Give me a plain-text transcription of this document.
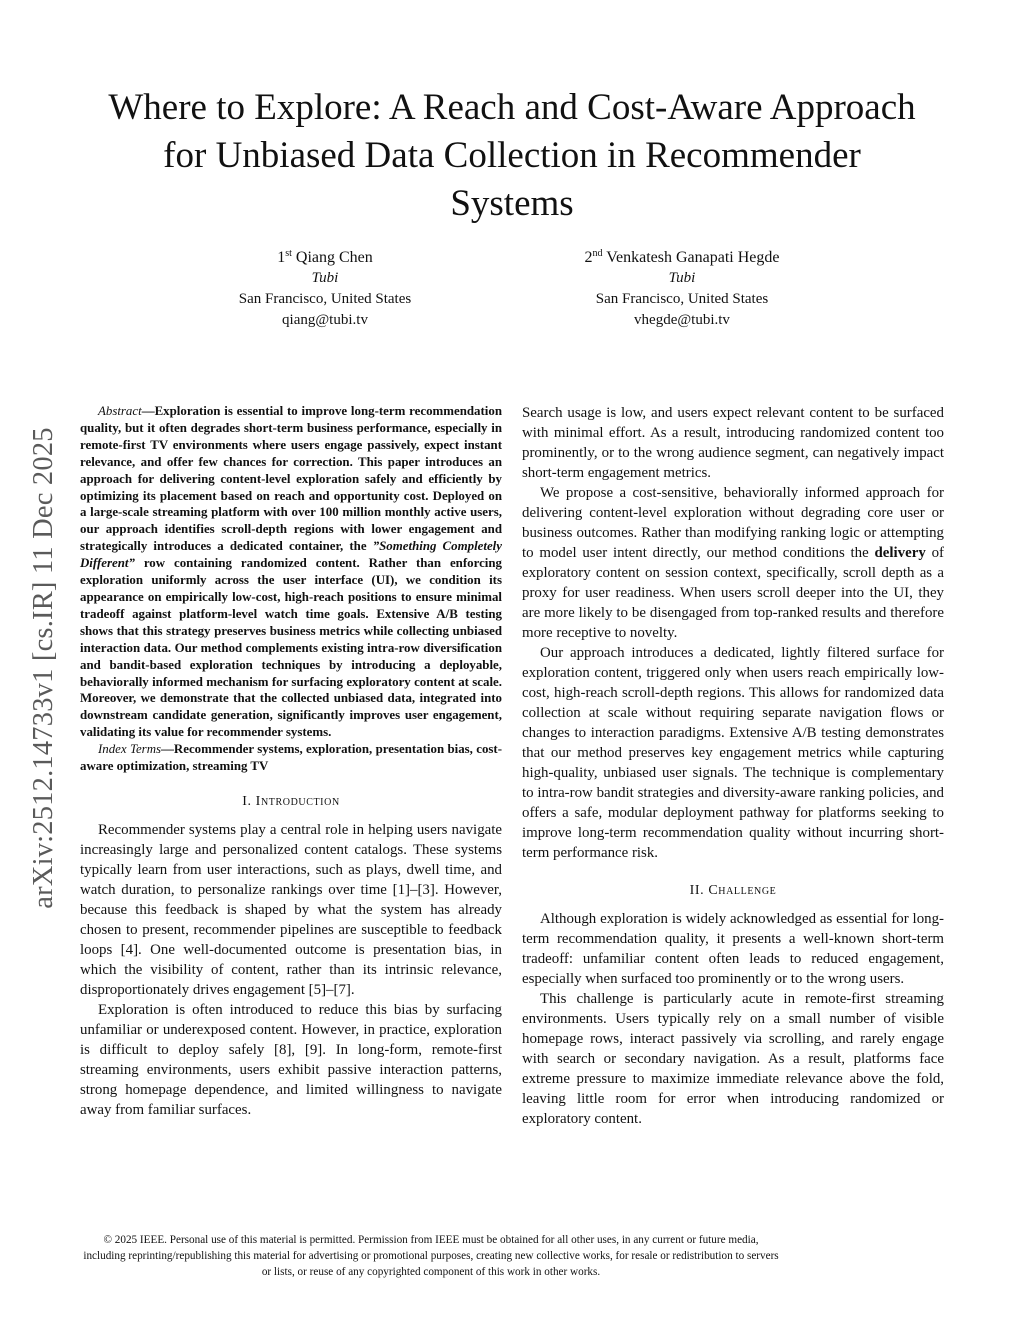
arXiv:2512.14733v1 [cs.IR] 11 Dec 2025
Where to Explore: A Reach and Cost-Aware Approach for Unbiased Data Collection in Recommender Systems
1st Qiang Chen
Tubi
San Francisco, United States
qiang@tubi.tv
2nd Venkatesh Ganapati Hegde
Tubi
San Francisco, United States
vhegde@tubi.tv

Abstract—Exploration is essential to improve long-term recommendation quality, but it often degrades short-term business performance, especially in remote-first TV environments where users engage passively, expect instant relevance, and offer few chances for correction. This paper introduces an approach for delivering content-level exploration safely and efficiently by optimizing its placement based on reach and opportunity cost. Deployed on a large-scale streaming platform with over 100 million monthly active users, our approach identifies scroll-depth regions with lower engagement and strategically introduces a dedicated container, the ”Something Completely Different” row containing randomized content. Rather than enforcing exploration uniformly across the user interface (UI), we condition its appearance on empirically low-cost, high-reach positions to ensure minimal tradeoff against platform-level watch time goals. Extensive A/B testing shows that this strategy preserves business metrics while collecting unbiased interaction data. Our method complements existing intra-row diversification and bandit-based exploration techniques by introducing a deployable, behaviorally informed mechanism for surfacing exploratory content at scale. Moreover, we demonstrate that the collected unbiased data, integrated into downstream candidate generation, significantly improves user engagement, validating its value for recommender systems.

Index Terms—Recommender systems, exploration, presentation bias, cost-aware optimization, streaming TV

I. Introduction

Recommender systems play a central role in helping users navigate increasingly large and personalized content catalogs. These systems typically learn from user interactions, such as plays, dwell time, and watch duration, to personalize rankings over time [1]–[3]. However, because this feedback is shaped by what the system has already chosen to present, recommender pipelines are susceptible to feedback loops [4]. One well-documented outcome is presentation bias, in which the visibility of content, rather than its intrinsic relevance, disproportionately drives engagement [5]–[7].

Exploration is often introduced to reduce this bias by surfacing unfamiliar or underexposed content. However, in practice, exploration is difficult to deploy safely [8], [9]. In long-form, remote-first streaming environments, users exhibit passive interaction patterns, strong homepage dependence, and limited willingness to navigate away from familiar surfaces.

Search usage is low, and users expect relevant content to be surfaced with minimal effort. As a result, introducing randomized content too prominently, or to the wrong audience segment, can negatively impact short-term engagement metrics.

We propose a cost-sensitive, behaviorally informed approach for delivering content-level exploration without degrading core user or business outcomes. Rather than modifying ranking logic or attempting to model user intent directly, our method conditions the delivery of exploratory content on session context, specifically, scroll depth as a proxy for user readiness. When users scroll deeper into the UI, they are more likely to be disengaged from top-ranked results and therefore more receptive to novelty.

Our approach introduces a dedicated, lightly filtered surface for exploration content, triggered only when users reach empirically low-cost, high-reach scroll-depth regions. This allows for randomized data collection at scale without requiring separate navigation flows or changes to interaction paradigms. Extensive A/B testing demonstrates that our method preserves key engagement metrics while capturing high-quality, unbiased user signals. The technique is complementary to intra-row bandit strategies and diversity-aware ranking policies, and offers a safe, modular deployment pathway for platforms seeking to improve long-term recommendation quality without incurring short-term performance risk.

II. Challenge

Although exploration is widely acknowledged as essential for long-term recommendation quality, it presents a well-known short-term tradeoff: unfamiliar content often leads to reduced engagement, especially when surfaced too prominently or to the wrong users.

This challenge is particularly acute in remote-first streaming environments. Users typically rely on a small number of visible homepage rows, interact passively via scrolling, and rarely engage with search or secondary navigation. As a result, platforms face extreme pressure to maximize immediate relevance above the fold, leaving little room for error when introducing randomized or exploratory content.

© 2025 IEEE. Personal use of this material is permitted. Permission from IEEE must be obtained for all other uses, in any current or future media,
including reprinting/republishing this material for advertising or promotional purposes, creating new collective works, for resale or redistribution to servers
or lists, or reuse of any copyrighted component of this work in other works.
